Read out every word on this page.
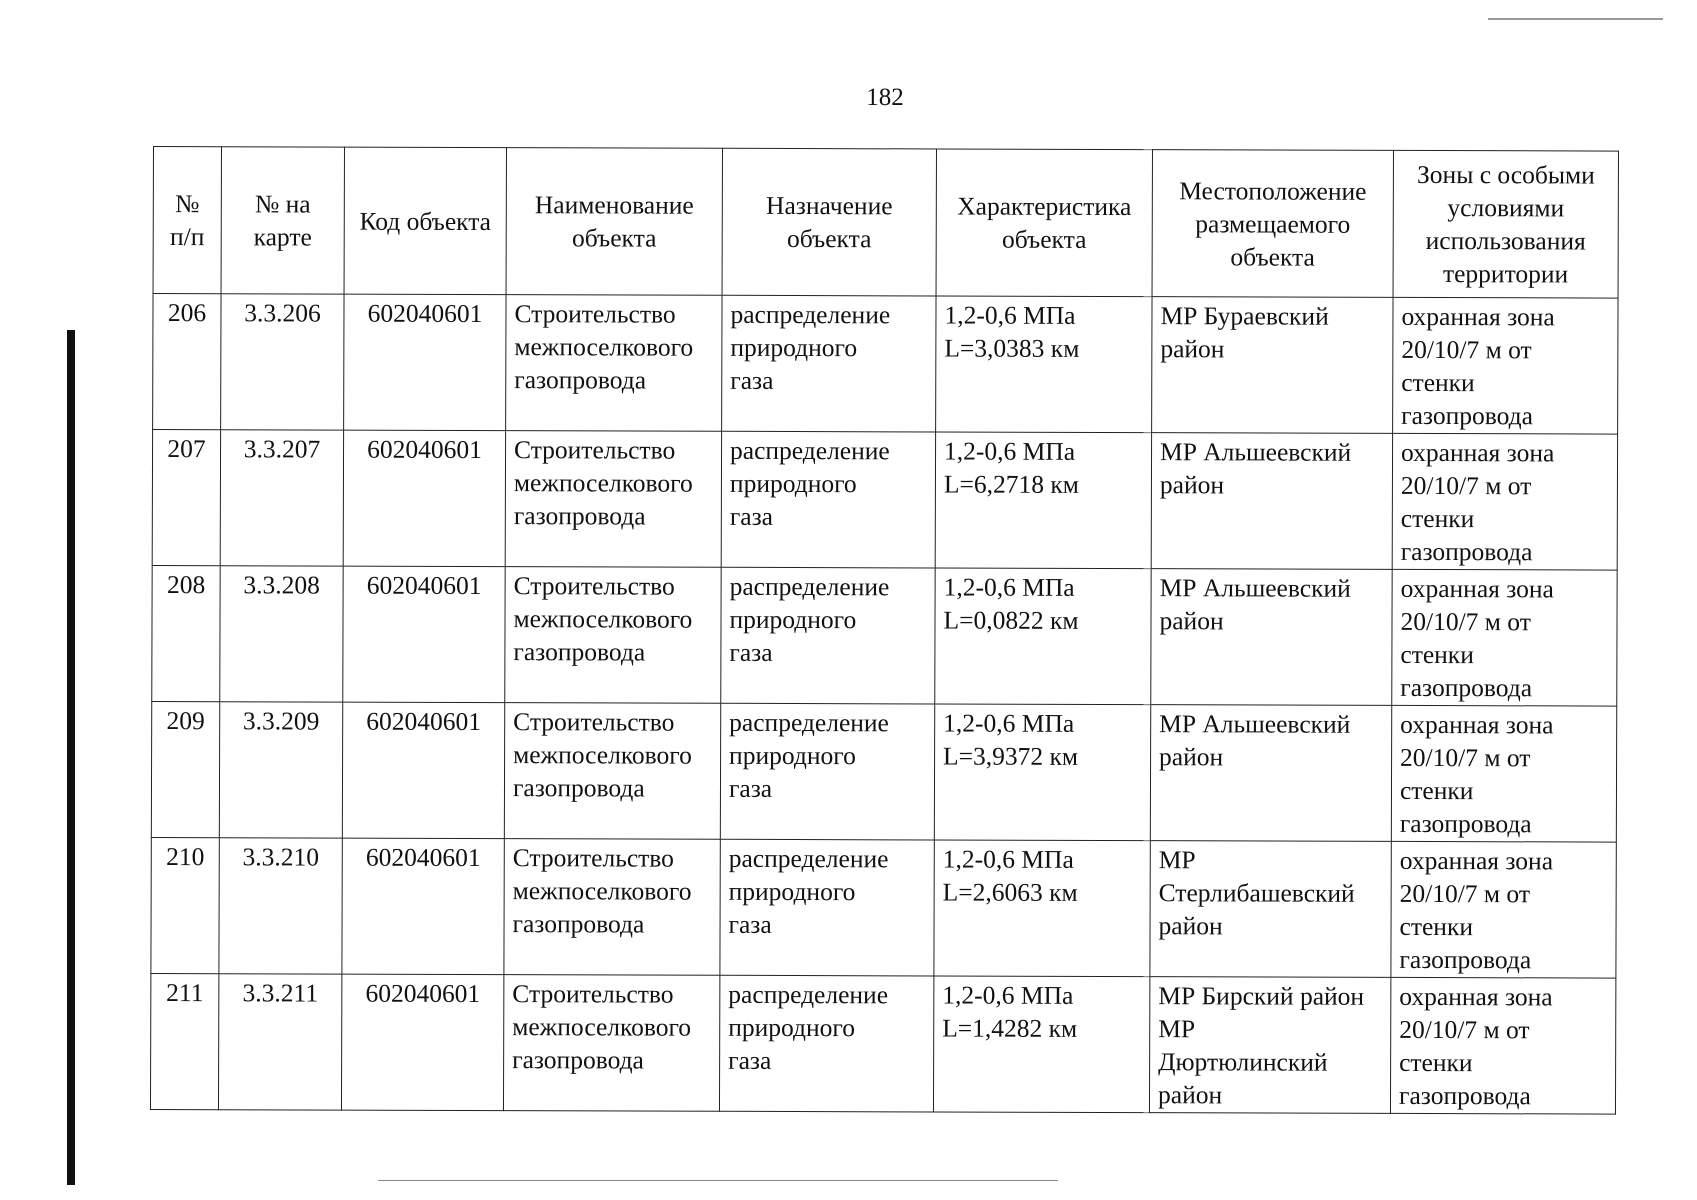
182
№
п/п	№ на
карте	Код объекта	Наименование
объекта	Назначение
объекта	Характеристика
объекта	Местоположение
размещаемого
объекта	Зоны с особыми
условиями
использования
территории

206	3.3.206	602040601	Строительство
межпоселкового
газопровода	распределение
природного
газа	1,2-0,6 МПа
L=3,0383 км	МР Бураевский
район	охранная зона
20/10/7 м от
стенки
газопровода

207	3.3.207	602040601	Строительство
межпоселкового
газопровода	распределение
природного
газа	1,2-0,6 МПа
L=6,2718 км	МР Альшеевский
район	охранная зона
20/10/7 м от
стенки
газопровода

208	3.3.208	602040601	Строительство
межпоселкового
газопровода	распределение
природного
газа	1,2-0,6 МПа
L=0,0822 км	МР Альшеевский
район	охранная зона
20/10/7 м от
стенки
газопровода

209	3.3.209	602040601	Строительство
межпоселкового
газопровода	распределение
природного
газа	1,2-0,6 МПа
L=3,9372 км	МР Альшеевский
район	охранная зона
20/10/7 м от
стенки
газопровода

210	3.3.210	602040601	Строительство
межпоселкового
газопровода	распределение
природного
газа	1,2-0,6 МПа
L=2,6063 км	МР
Стерлибашевский
район	охранная зона
20/10/7 м от
стенки
газопровода

211	3.3.211	602040601	Строительство
межпоселкового
газопровода	распределение
природного
газа	1,2-0,6 МПа
L=1,4282 км	МР Бирский район
МР
Дюртюлинский
район	охранная зона
20/10/7 м от
стенки
газопровода
